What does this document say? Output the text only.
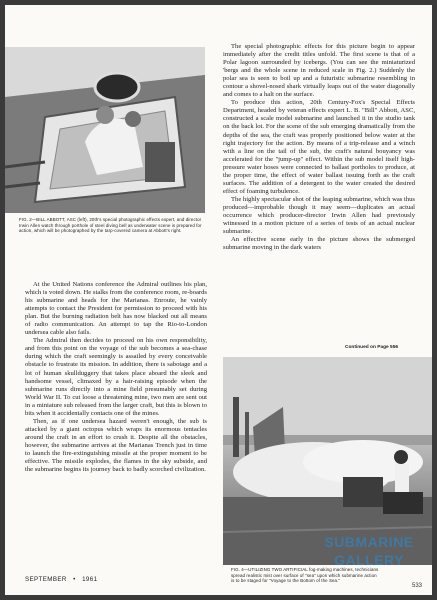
FIG. 2—BILL ABBOTT, ASC (left), 20th's special photographic effects expert, and director Irwin Allen watch through porthole of steel diving bell as underwater scene is prepared for action, which will be photographed by the tarp-covered camera at Abbott's right.

The special photographic effects for this picture begin to appear immediately after the credit titles unfold. The first scene is that of a Polar lagoon surrounded by icebergs. (You can see the miniaturized 'bergs and the whole scene in reduced scale in Fig. 2.) Suddenly the polar sea is seen to boil up and a futuristic submarine resembling in contour a shovel-nosed shark virtually leaps out of the water diagonally and comes to a halt on the surface.

To produce this action, 20th Century-Fox's Special Effects Department, headed by veteran effects expert L. B. "Bill" Abbott, ASC, constructed a scale model submarine and launched it in the studio tank on the back lot. For the scene of the sub emerging dramatically from the depths of the sea, the craft was properly positioned below water at the right trajectory for the action. By means of a trip-release and a winch with a line on the tail of the sub, the craft's natural bouyancy was accelerated for the "jump-up" effect. Within the sub model itself high-pressure water hoses were connected to ballast portholes to produce, at the proper time, the effect of water ballast issuing forth as the craft surfaces. The addition of a detergent to the water created the desired effect of foaming turbulence.

The highly spectacular shot of the leaping submarine, which was thus produced—improbable though it may seem—duplicates an actual occurrence which producer-director Irwin Allen had previously witnessed in a motion picture of a series of tests of an actual nuclear submarine.

An effective scene early in the picture shows the submerged submarine moving in the dark waters

Continued on Page 556

At the United Nations conference the Admiral outlines his plan, which is voted down. He stalks from the conference room, re-boards his submarine and heads for the Marianas. Enroute, he vainly attempts to contact the President for permission to proceed with his plan. But the burning radiation belt has now blacked out all means of radio communication. An attempt to tap the Rio-to-London undersea cable also fails.

The Admiral then decides to proceed on his own responsibility, and from this point on the voyage of the sub becomes a sea-chase during which the craft seemingly is assailed by every conceivable obstacle to frustrate its mission. In addition, there is sabotage and a lot of human skullduggery that takes place aboard the sleek and handsome vessel, climaxed by a hair-raising episode when the submarine runs directly into a mine field presumably set during World War II. To cut loose a threatening mine, two men are sent out in a miniature sub released from the larger craft, but this is blown to bits when it accidentally contacts one of the mines.

Then, as if one undersea hazard weren't enough, the sub is attacked by a giant octopus which wraps its enormous tentacles around the craft in an effort to crush it. Despite all the obstacles, however, the submarine arrives at the Marianas Trench just in time to launch the fire-extinguishing missile at the proper moment to be effective. The missile explodes, the flames in the sky subside, and the submarine begins its journey back to badly scorched civilization.

FIG. 4—UTILIZING TWO ARTIFICIAL fog-making machines, technicians spread realistic mist over surface of "sea" upon which submarine action is to be staged for "Voyage to the Bottom of the Sea."
SUBMARINE
GALLERY
SEPTEMBER • 1961
533
